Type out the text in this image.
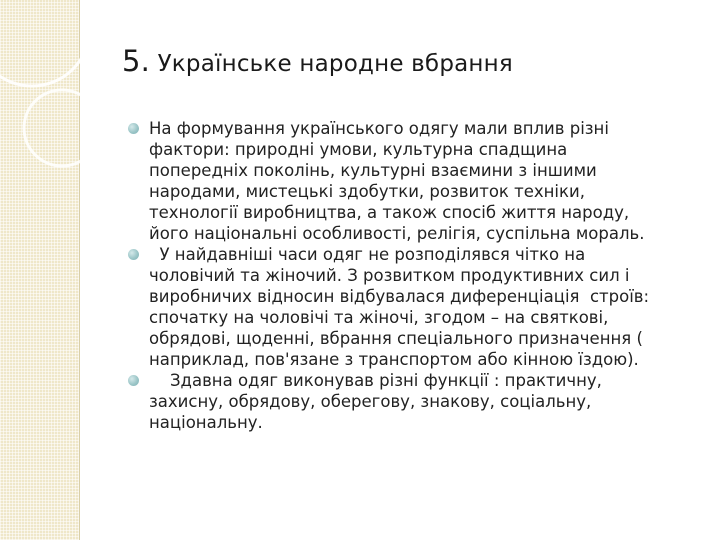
5. Українське народне вбрання
На формування українського одягу мали вплив різні
фактори: природні умови, культурна спадщина
попередніх поколінь, культурні взаємини з іншими
народами, мистецькі здобутки, розвиток техніки,
технології виробництва, а також спосіб життя народу,
його національні особливості, релігія, суспільна мораль.
У найдавніші часи одяг не розподілявся чітко на
чоловічий та жіночий. З розвитком продуктивних сил і
виробничих відносин відбувалася диференціація  строїв:
спочатку на чоловічі та жіночі, згодом – на святкові,
обрядові, щоденні, вбрання спеціального призначення (
наприклад, пов'язане з транспортом або кінною їздою).
Здавна одяг виконував різні функції : практичну,
захисну, обрядову, оберегову, знакову, соціальну,
національну.
